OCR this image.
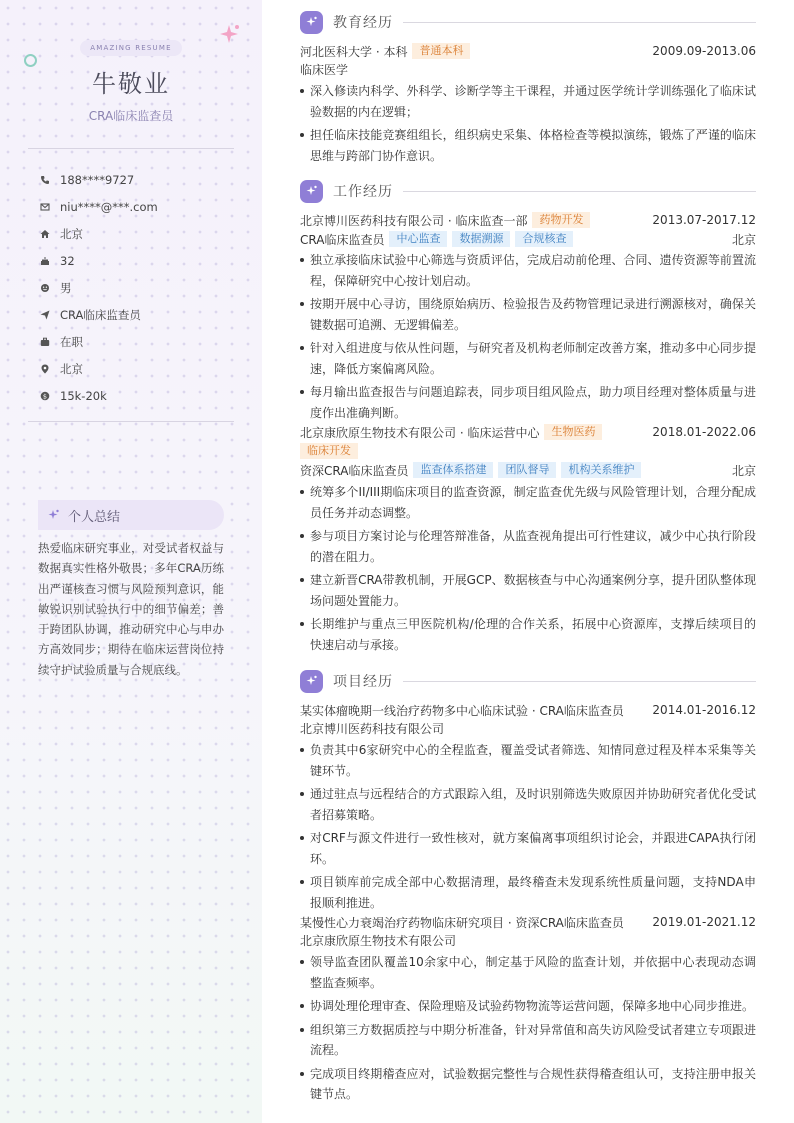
AMAZING RESUME
牛敬业
CRA临床监查员
188****9727
niu****@***.com
北京
32
男
CRA临床监查员
在职
北京
$ 15k-20k
个人总结
热爱临床研究事业，对受试者权益与数据真实性格外敬畏；多年CRA历练出严谨核查习惯与风险预判意识，能敏锐识别试验执行中的细节偏差；善于跨团队协调，推动研究中心与申办方高效同步；期待在临床运营岗位持续守护试验质量与合规底线。
教育经历
河北医科大学 · 本科	普通本科	2009.09-2013.06
临床医学
深入修读内科学、外科学、诊断学等主干课程，并通过医学统计学训练强化了临床试验数据的内在逻辑；
担任临床技能竞赛组组长，组织病史采集、体格检查等模拟演练，锻炼了严谨的临床思维与跨部门协作意识。
工作经历
北京博川医药科技有限公司 · 临床监查一部	药物开发	2013.07-2017.12
CRA临床监查员	中心监查	数据溯源	合规核查	北京
独立承接临床试验中心筛选与资质评估，完成启动前伦理、合同、遗传资源等前置流程，保障研究中心按计划启动。
按期开展中心寻访，围绕原始病历、检验报告及药物管理记录进行溯源核对，确保关键数据可追溯、无逻辑偏差。
针对入组进度与依从性问题，与研究者及机构老师制定改善方案，推动多中心同步提速，降低方案偏离风险。
每月输出监查报告与问题追踪表，同步项目组风险点，助力项目经理对整体质量与进度作出准确判断。
北京康欣原生物技术有限公司 · 临床运营中心	生物医药	2018.01-2022.06
临床开发
资深CRA临床监查员	监查体系搭建	团队督导	机构关系维护	北京
统筹多个II/III期临床项目的监查资源，制定监查优先级与风险管理计划，合理分配成员任务并动态调整。
参与项目方案讨论与伦理答辩准备，从监查视角提出可行性建议，减少中心执行阶段的潜在阻力。
建立新晋CRA带教机制，开展GCP、数据核查与中心沟通案例分享，提升团队整体现场问题处置能力。
长期维护与重点三甲医院机构/伦理的合作关系，拓展中心资源库，支撑后续项目的快速启动与承接。
项目经历
某实体瘤晚期一线治疗药物多中心临床试验 · CRA临床监查员 2014.01-2016.12
北京博川医药科技有限公司
负责其中6家研究中心的全程监查，覆盖受试者筛选、知情同意过程及样本采集等关键环节。
通过驻点与远程结合的方式跟踪入组，及时识别筛选失败原因并协助研究者优化受试者招募策略。
对CRF与源文件进行一致性核对，就方案偏离事项组织讨论会，并跟进CAPA执行闭环。
项目锁库前完成全部中心数据清理，最终稽查未发现系统性质量问题，支持NDA申报顺利推进。
某慢性心力衰竭治疗药物临床研究项目 · 资深CRA临床监查员 2019.01-2021.12
北京康欣原生物技术有限公司
领导监查团队覆盖10余家中心，制定基于风险的监查计划，并依据中心表现动态调整监查频率。
协调处理伦理审查、保险理赔及试验药物物流等运营问题，保障多地中心同步推进。
组织第三方数据质控与中期分析准备，针对异常值和高失访风险受试者建立专项跟进流程。
完成项目终期稽查应对，试验数据完整性与合规性获得稽查组认可，支持注册申报关键节点。
